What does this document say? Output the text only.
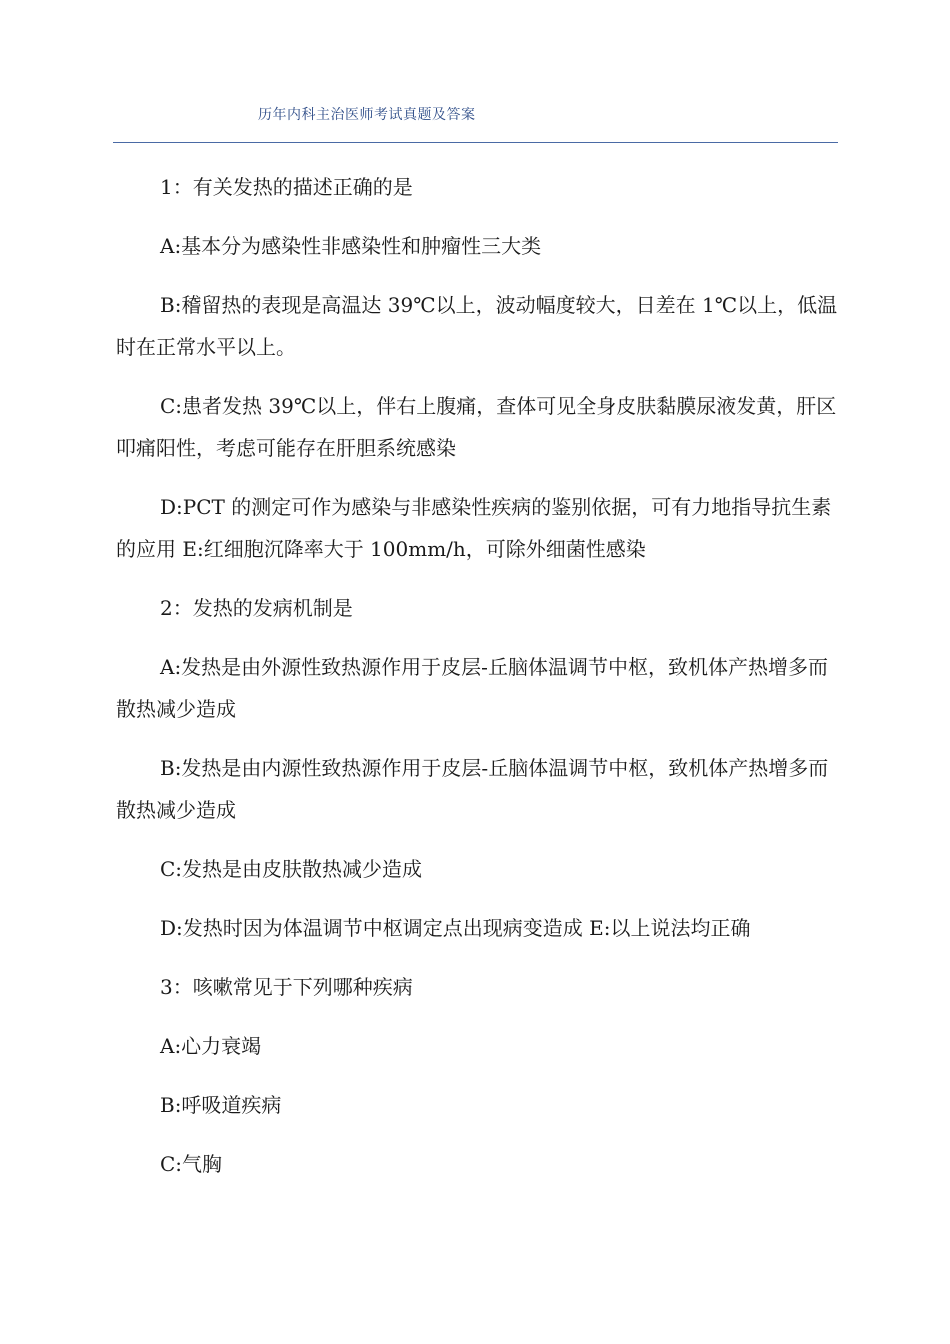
历年内科主治医师考试真题及答案

1：有关发热的描述正确的是

A:基本分为感染性非感染性和肿瘤性三大类

B:稽留热的表现是高温达 39℃以上，波动幅度较大，日差在 1℃以上，低温时在正常水平以上。

C:患者发热 39℃以上，伴右上腹痛，查体可见全身皮肤黏膜尿液发黄，肝区叩痛阳性，考虑可能存在肝胆系统感染

D:PCT 的测定可作为感染与非感染性疾病的鉴别依据，可有力地指导抗生素的应用 E:红细胞沉降率大于 100mm/h，可除外细菌性感染

2：发热的发病机制是

A:发热是由外源性致热源作用于皮层-丘脑体温调节中枢，致机体产热增多而散热减少造成

B:发热是由内源性致热源作用于皮层-丘脑体温调节中枢，致机体产热增多而散热减少造成

C:发热是由皮肤散热减少造成

D:发热时因为体温调节中枢调定点出现病变造成 E:以上说法均正确

3：咳嗽常见于下列哪种疾病

A:心力衰竭

B:呼吸道疾病

C:气胸
